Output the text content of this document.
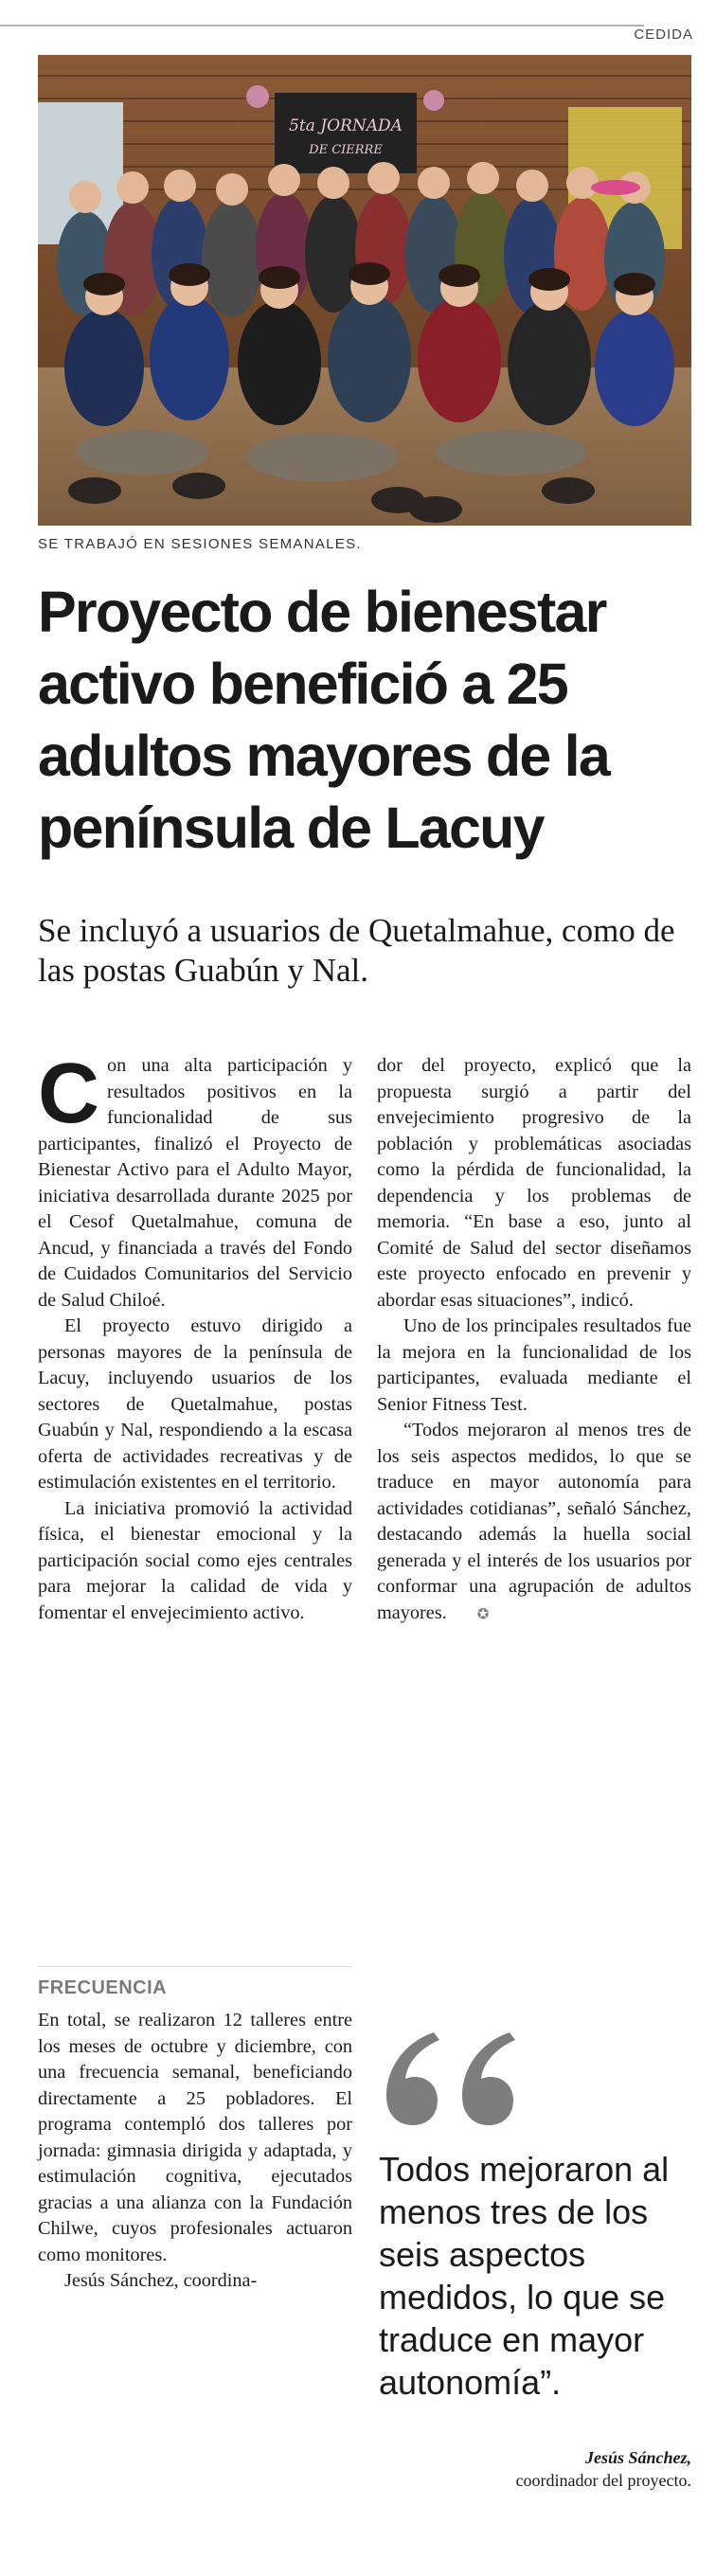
CEDIDA
5ta JORNADA
DE CIERRE
SE TRABAJÓ EN SESIONES SEMANALES.
Proyecto de bienestar activo benefició a 25 adultos mayores de la península de Lacuy

Se incluyó a usuarios de Quetalmahue, como de las postas Guabún y Nal.

Con una alta participación y resultados positivos en la funcionalidad de sus participantes, finalizó el Proyecto de Bienestar Activo para el Adulto Mayor, iniciativa desarrollada durante 2025 por el Cesof Quetalmahue, comuna de Ancud, y financiada a través del Fondo de Cuidados Comunitarios del Servicio de Salud Chiloé.

El proyecto estuvo dirigido a personas mayores de la península de Lacuy, incluyendo usuarios de los sectores de Quetalmahue, postas Guabún y Nal, respondiendo a la escasa oferta de actividades recreativas y de estimulación existentes en el territorio.

La iniciativa promovió la actividad física, el bienestar emocional y la participación social como ejes centrales para mejorar la calidad de vida y fomentar el envejecimiento activo.

FRECUENCIA

En total, se realizaron 12 talleres entre los meses de octubre y diciembre, con una frecuencia semanal, beneficiando directamente a 25 pobladores. El programa contempló dos talleres por jornada: gimnasia dirigida y adaptada, y estimulación cognitiva, ejecutados gracias a una alianza con la Fundación Chilwe, cuyos profesionales actuaron como monitores.

Jesús Sánchez, coordina-

dor del proyecto, explicó que la propuesta surgió a partir del envejecimiento progresivo de la población y problemáticas asociadas como la pérdida de funcionalidad, la dependencia y los problemas de memoria. “En base a eso, junto al Comité de Salud del sector diseñamos este proyecto enfocado en prevenir y abordar esas situaciones”, indicó.

Uno de los principales resultados fue la mejora en la funcionalidad de los participantes, evaluada mediante el Senior Fitness Test.

“Todos mejoraron al menos tres de los seis aspectos medidos, lo que se traduce en mayor autonomía para actividades cotidianas”, señaló Sánchez, destacando además la huella social generada y el interés de los usuarios por conformar una agrupación de adultos mayores. ✪

Todos mejoraron al menos tres de los seis aspectos medidos, lo que se traduce en mayor autonomía”.

Jesús Sánchez,
coordinador del proyecto.
